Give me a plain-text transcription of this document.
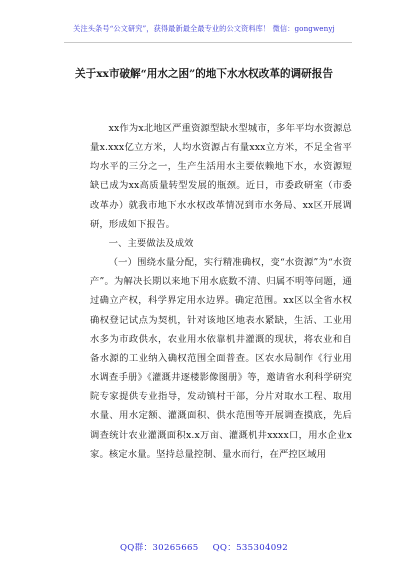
关注头条号“公文研究”，获得最新最全最专业的公文资料库！ 微信：gongwenyj
关于xx市破解“用水之困”的地下水水权改革的调研报告

xx作为x北地区严重资源型缺水型城市，多年平均水资源总量x.xxx亿立方米，人均水资源占有量xxx立方米，不足全省平均水平的三分之一，生产生活用水主要依赖地下水，水资源短缺已成为xx高质量转型发展的瓶颈。近日，市委政研室（市委改革办）就我市地下水水权改革情况到市水务局、xx区开展调研，形成如下报告。

一、主要做法及成效

（一）围绕水量分配，实行精准确权，变“水资源”为“水资产”。为解决长期以来地下用水底数不清、归属不明等问题，通过确立产权，科学界定用水边界。确定范围。xx区以全省水权确权登记试点为契机，针对该地区地表水紧缺，生活、工业用水多为市政供水，农业用水依靠机井灌溉的现状，将农业和自备水源的工业纳入确权范围全面普查。区农水局制作《行业用水调查手册》《灌溉井逐楼影像图册》等，邀请省水利科学研究院专家提供专业指导，发动镇村干部，分片对取水工程、取用水量、用水定额、灌溉面积、供水范围等开展调查摸底，先后调查统计农业灌溉面积x.x万亩、灌溉机井xxxx口，用水企业x家。核定水量。坚持总量控制、量水而行，在严控区域用

QQ群：30265665 QQ：535304092
